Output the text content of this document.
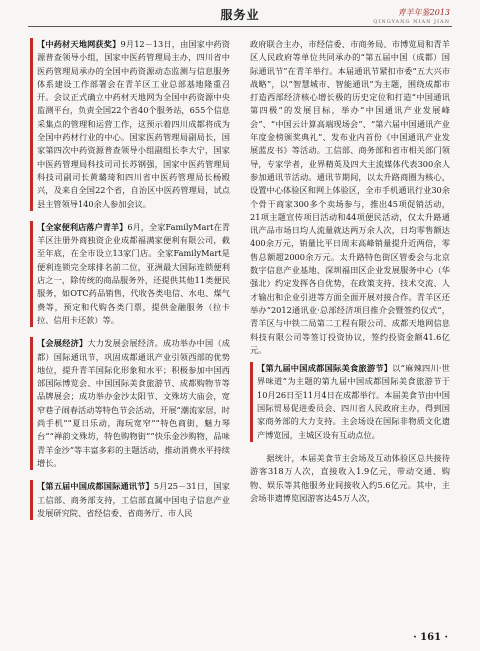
服务业	青羊年鉴2013
QINGYANG NIAN JIAN

【中药材天地网获奖】9月12－13日，由国家中药资源普查领导小组，国家中医药管理局主办，四川省中医药管理局承办的全国中药资源动态监测与信息服务体系建设工作部署会在青羊区工业总部基地隆重召开。会议正式确立中药材天地网为全国中药资源中央监测平台，负责全国22个省40个服务站，655个信息采集点的管理和运营工作，这预示着四川成都将成为全国中药材行业的中心。国家医药管理局副局长，国家第四次中药资源普查领导小组副组长李大宁，国家中医药管理局科技司司长苏钢强，国家中医药管理局科技司副司长黄璐琦和四川省中医药管理局长杨殿兴，及来自全国22个省，自治区中医药管理局，试点县主管领导140余人参加会议。

【全家便利店落户青羊】6月，全家FamilyMart在青羊区注册外商独资企业成都福满家便利有限公司，截至年底，在全市设立13家门店。全家FamilyMart是便利连锁完全球排名前二位，亚洲最大国际连锁便利店之一，除传统的商品服务外，还提供其他11类便民服务，如OTC药品销售，代收各类电信、水电、煤气费等，预定和代购各类门票，提供金融服务（拉卡拉、信用卡还款）等。

【会展经济】大力发展会展经济。成功举办中国（成都）国际通讯节，巩固成都通讯产业引领西部的优势地位，提升青羊国际化形象和水平；积极参加中国西部国际博览会、中国国际美食旅游节、成都购物节等品牌展会；成功举办金沙太阳节、文殊坊大庙会，宽窄巷子闹春活动等特色节会活动，开展“潮流家居，时尚手机”“夏日乐动，海玩宽窄”“特色商街，魅力琴台”“禅韵文殊坊，特色购物街”“快乐金沙购物，品味青羊金沙”等丰富多彩的主题活动，推动消费水平持续增长。

【第五届中国成都国际通讯节】5月25－31日，国家工信部、商务部支持，工信部直属中国电子信息产业发展研究院、省经信委、省商务厅、市人民

政府联合主办，市经信委、市商务局、市博览局和青羊区人民政府等单位共同承办的“第五届中国（成都）国际通讯节”在青羊举行。本届通讯节紧扣市委“五大兴市战略”，以“智慧城市、智能通讯”为主题，围绕成都市打造西部经济核心增长极的历史定位和打造“中国通讯第四极”的发展目标，举办“中国通讯产业发展峰会”、“中国云计算高端现场会”、“第六届中国通讯产业年度金榜颁奖典礼”、发布业内首份《中国通讯产业发展蓝皮书》等活动。工信部、商务部和省市相关部门领导，专家学者，业界精英及四大主流媒体代表300余人参加通讯节活动。通讯节期间，以太升路商圈为核心，设置中心体验区和网上体验区，全市手机通讯行业30余个骨干商家300多个卖场参与，推出45项促销活动，21项主题宣传项目活动和44项便民活动，仅太升路通讯产品市场日均人流量就达两万余人次，日均零售额达400余万元，销量比平日周末高峰销量提升近两倍，零售总额超2000余万元。太升路特色街区管委会与北京数字信息产业基地、深圳福田区企业发展服务中心（华强北）约定发挥各自优势，在政策支持、技术交流、人才输出和企业引进等方面全面开展对接合作。青羊区还举办“2012通讯业·总部经济项目推介会暨签约仪式”，青羊区与中铁二局第二工程有限公司、成都天地网信息科技有限公司等签订投资协议，签约投资金额41.6亿元。

【第九届中国成都国际美食旅游节】以“麻辣四川·世界味道”为主题的第九届中国成都国际美食旅游节于10月26日至11月4日在成都举行。本届美食节由中国国际贸易促进委员会、四川省人民政府主办，得到国家商务部的大力支持。主会场设在国际非物质文化遗产博览园，主城区设有互动点位。

据统计，本届美食节主会场及互动体验区总共接待游客318万人次，直接收入1.9亿元，带动交通、购物、娱乐等其他服务业间接收入约5.6亿元。其中，主会场非遗博览园游客达45万人次，

· 161 ·
